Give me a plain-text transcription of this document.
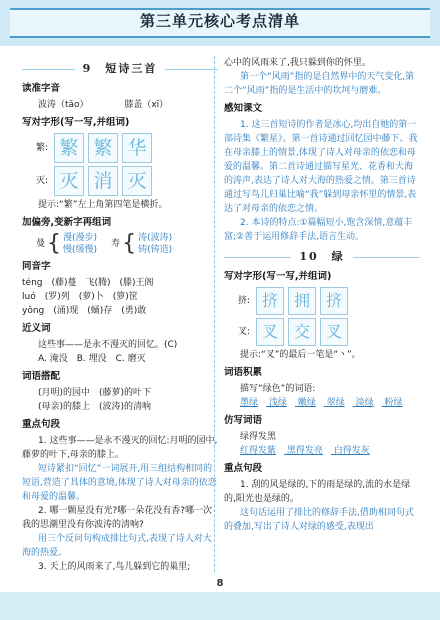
第三单元核心考点清单
9　短诗三首
读准字音
波涛（tāo）	膝盖（xī）
写对字形(写一写,并组词)
繁: 繁 繁 华
灭: 灭 消 灭
提示:“繁”左上角第四笔是横折。
加偏旁,变新字再组词
曼 { 漫(漫步)
慢(缓慢)
寿 { 涛(波涛)
铸(铸造)
同音字
téng　(藤)蔓　飞(腾)　(滕)王阁
luó　(罗)列　(萝)卜　(箩)筐
yǒng　(涌)现　(蛹)存　(勇)敢
近义词
这些事——是永不漫灭的回忆。(C)
A. 淹没　B. 埋没　C. 磨灭
词语搭配
(月明)的园中　(藤萝)的叶下
(母亲)的膝上　(波涛)的清响
重点句段
1. 这些事——是永不漫灭的回忆:月明的园中,藤萝的叶下,母亲的膝上。
短诗紧扣“回忆”一词展开,用三组结构相同的短语,营造了具体的意境,体现了诗人对母亲的依恋和母爱的温馨。
2. 哪一颗星没有光?哪一朵花没有香?哪一次我的思潮里没有你波涛的清响?
用三个反问句构成排比句式,表现了诗人对大海的热爱。
3. 天上的风雨来了,鸟儿躲到它的巢里;
心中的风雨来了,我只躲到你的怀里。
第一个“风雨”指的是自然界中的天气变化,第二个“风雨”指的是生活中的坎坷与磨难。
感知课文
1. 这三首短诗的作者是冰心,均出自她的第一部诗集《繁星》。第一首诗通过回忆园中藤下、我在母亲膝上的情景,体现了诗人对母亲的依恋和母爱的温馨。第二首诗通过描写星光、花香和大海的涛声,表达了诗人对大海的热爱之情。第三首诗通过写鸟儿归巢比喻“我”躲到母亲怀里的情景,表达了对母亲的依恋之情。
2. 本诗的特点:①篇幅短小,饱含深情,意蕴丰富;②善于运用修辞手法,语言生动。
10　绿
写对字形(写一写,并组词)
挤: 挤 拥 挤
叉: 叉 交 叉
提示:“叉”的最后一笔是“丶”。
词语积累
描写“绿色”的词语:
墨绿 浅绿 嫩绿 翠绿 淡绿 粉绿
仿写词语
绿得发黑
红得发紫 黑得发亮 白得发灰
重点句段
1. 刮的风是绿的,下的雨是绿的,流的水是绿的,阳光也是绿的。
这句话运用了排比的修辞手法,借助相同句式的叠加,写出了诗人对绿的感受,表现出
8
